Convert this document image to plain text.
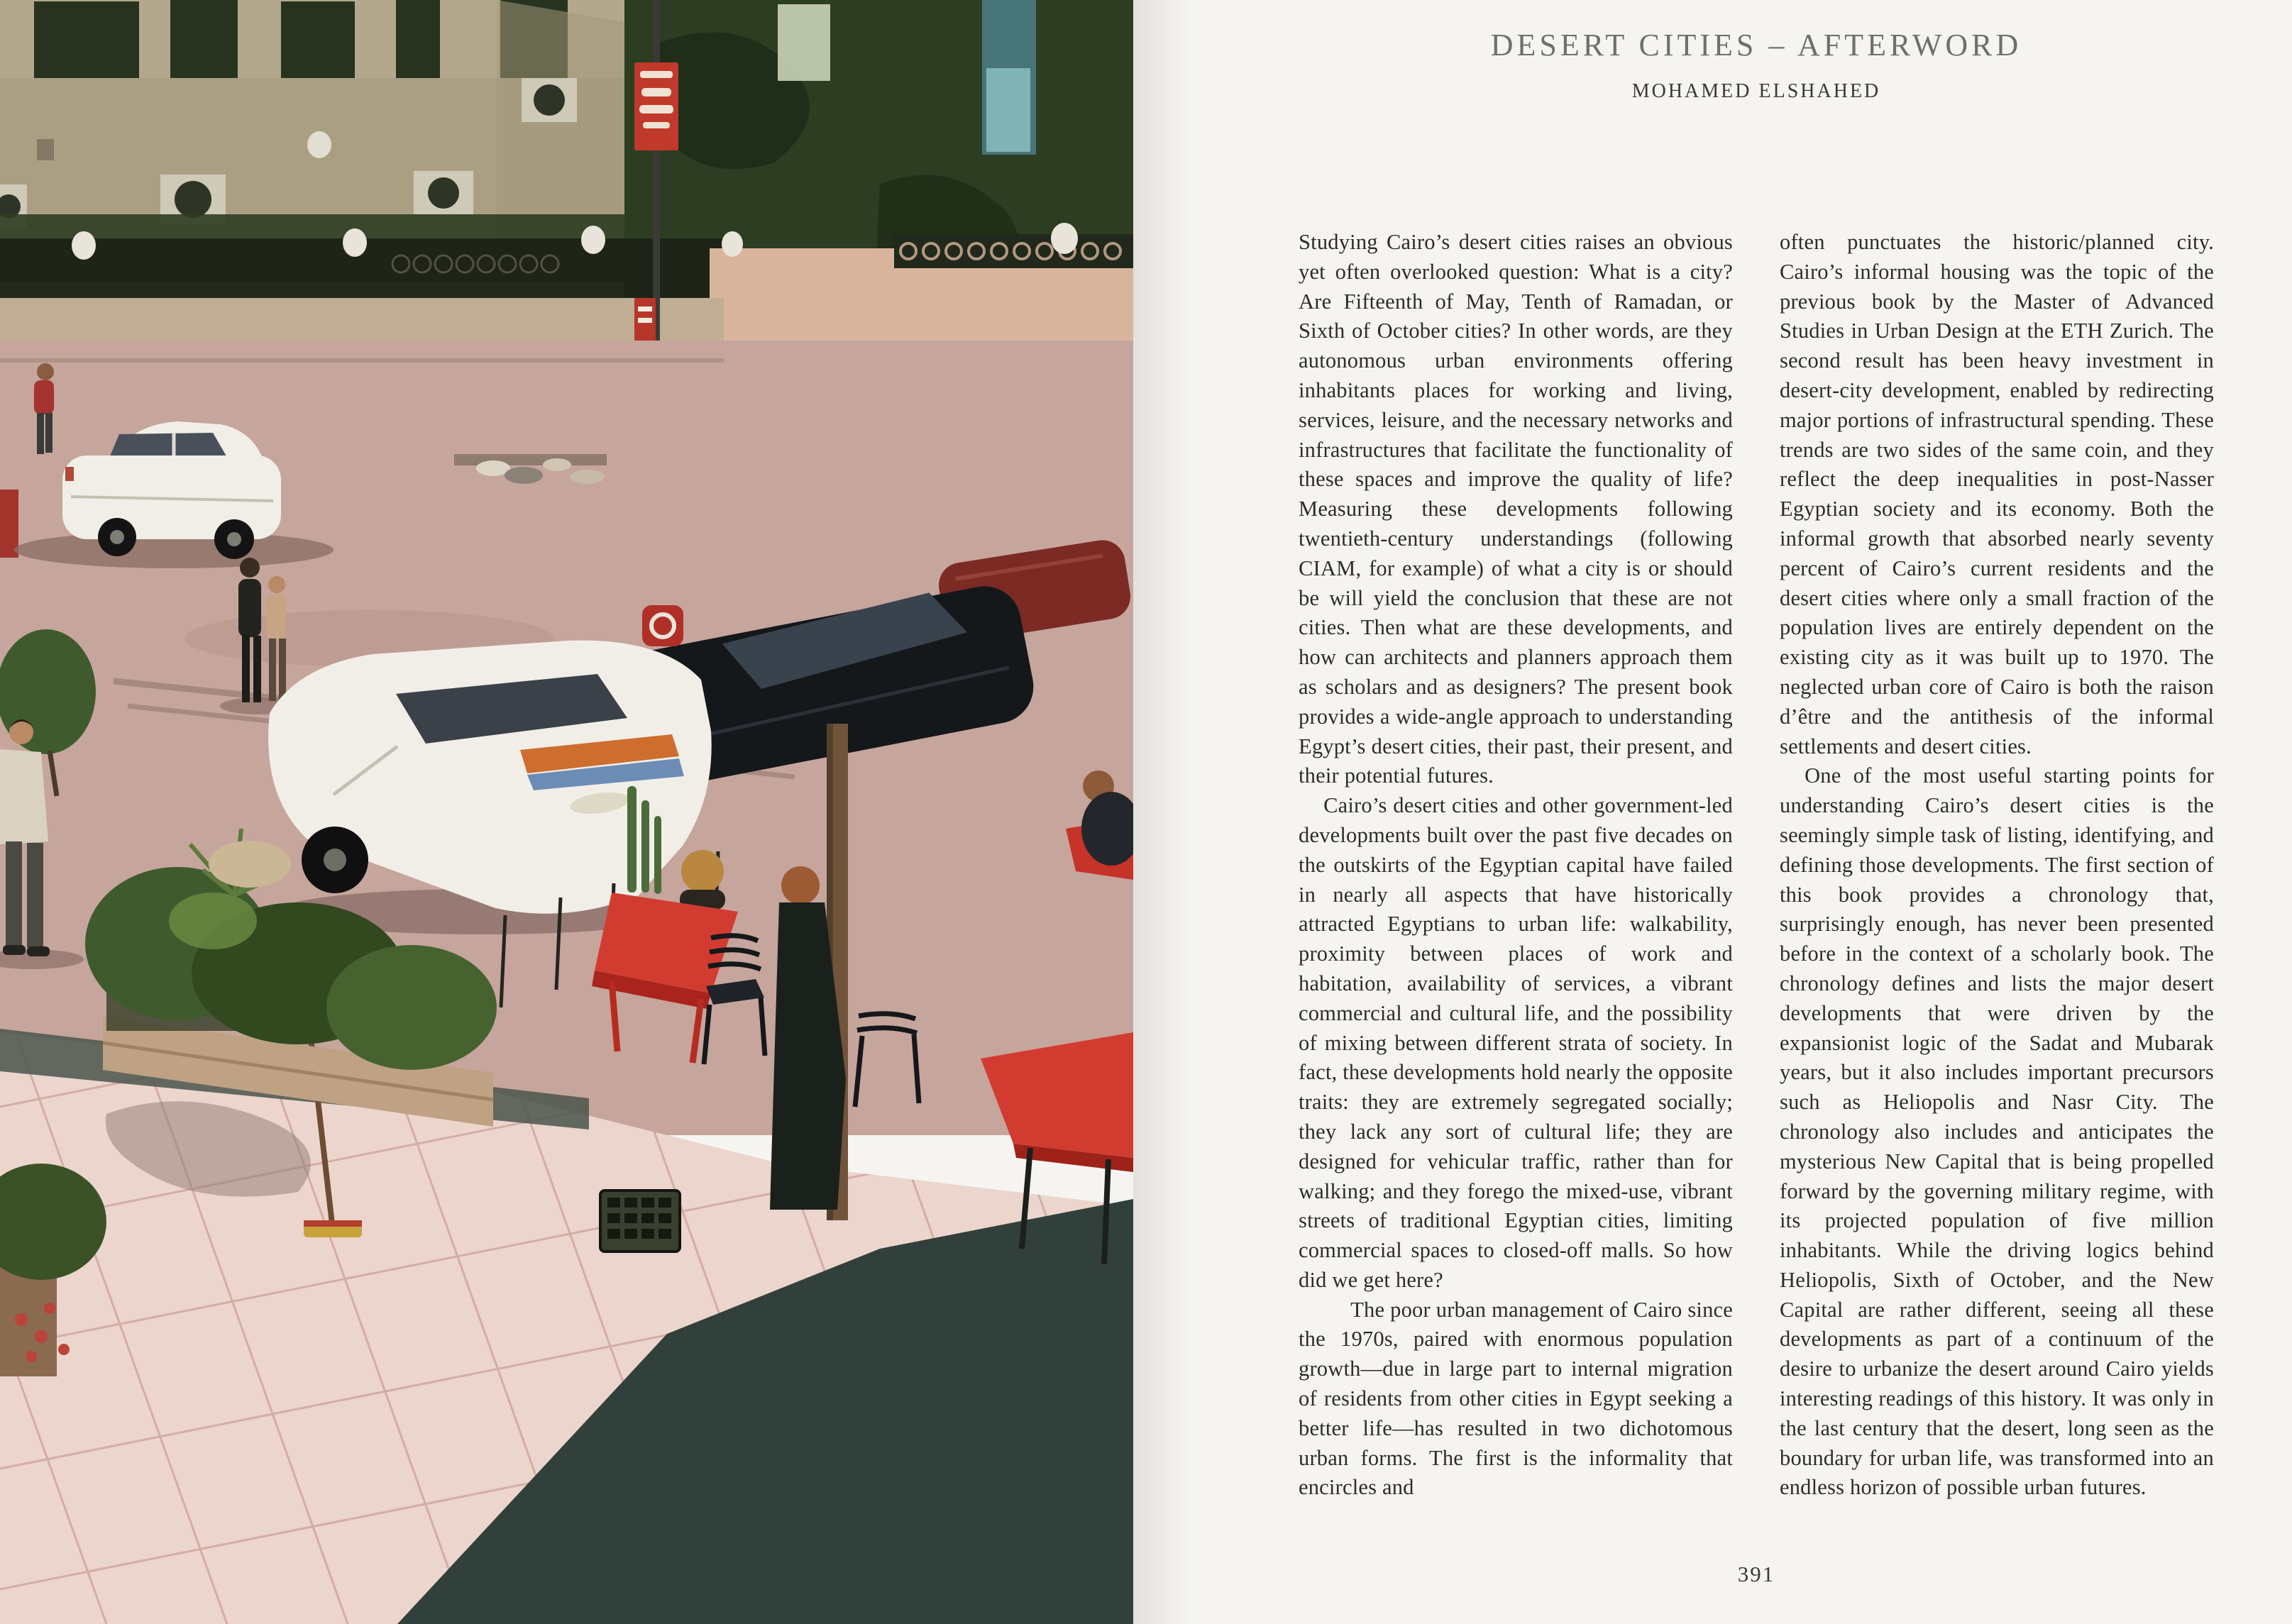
DESERT CITIES – AFTERWORD
MOHAMED ELSHAHED

Studying Cairo’s desert cities raises an obvious yet often overlooked question: What is a city? Are Fifteenth of May, Tenth of Ramadan, or Sixth of October cities? In other words, are they autonomous urban environments offering inhabitants places for working and living, services, leisure, and the necessary networks and infrastructures that facilitate the functionality of these spaces and improve the quality of life? Measuring these developments following twentieth-century understandings (following CIAM, for example) of what a city is or should be will yield the conclusion that these are not cities. Then what are these developments, and how can architects and planners approach them as scholars and as designers? The present book provides a wide-angle approach to understanding Egypt’s desert cities, their past, their present, and their potential futures.

Cairo’s desert cities and other government-led developments built over the past five decades on the outskirts of the Egyptian capital have failed in nearly all aspects that have historically attracted Egyptians to urban life: walkability, proximity between places of work and habitation, availability of services, a vibrant commercial and cultural life, and the possibility of mixing between different strata of society. In fact, these developments hold nearly the opposite traits: they are extremely segregated socially; they lack any sort of cultural life; they are designed for vehicular traffic, rather than for walking; and they forego the mixed-use, vibrant streets of traditional Egyptian cities, limiting commercial spaces to closed-off malls. So how did we get here?

The poor urban management of Cairo since the 1970s, paired with enormous population growth—due in large part to internal migration of residents from other cities in Egypt seeking a better life—has resulted in two dichotomous urban forms. The first is the informality that encircles and

often punctuates the historic/planned city. Cairo’s informal housing was the topic of the previous book by the Master of Advanced Studies in Urban Design at the ETH Zurich. The second result has been heavy investment in desert-city development, enabled by redirecting major portions of infrastructural spending. These trends are two sides of the same coin, and they reflect the deep inequalities in post-Nasser Egyptian society and its economy. Both the informal growth that absorbed nearly seventy percent of Cairo’s current residents and the desert cities where only a small fraction of the population lives are entirely dependent on the existing city as it was built up to 1970. The neglected urban core of Cairo is both the raison d’être and the antithesis of the informal settlements and desert cities.

One of the most useful starting points for understanding Cairo’s desert cities is the seemingly simple task of listing, identifying, and defining those developments. The first section of this book provides a chronology that, surprisingly enough, has never been presented before in the context of a scholarly book. The chronology defines and lists the major desert developments that were driven by the expansionist logic of the Sadat and Mubarak years, but it also includes important precursors such as Heliopolis and Nasr City. The chronology also includes and anticipates the mysterious New Capital that is being propelled forward by the governing military regime, with its projected population of five million inhabitants. While the driving logics behind Heliopolis, Sixth of October, and the New Capital are rather different, seeing all these developments as part of a continuum of the desire to urbanize the desert around Cairo yields interesting readings of this history. It was only in the last century that the desert, long seen as the boundary for urban life, was transformed into an endless horizon of possible urban futures.

391
